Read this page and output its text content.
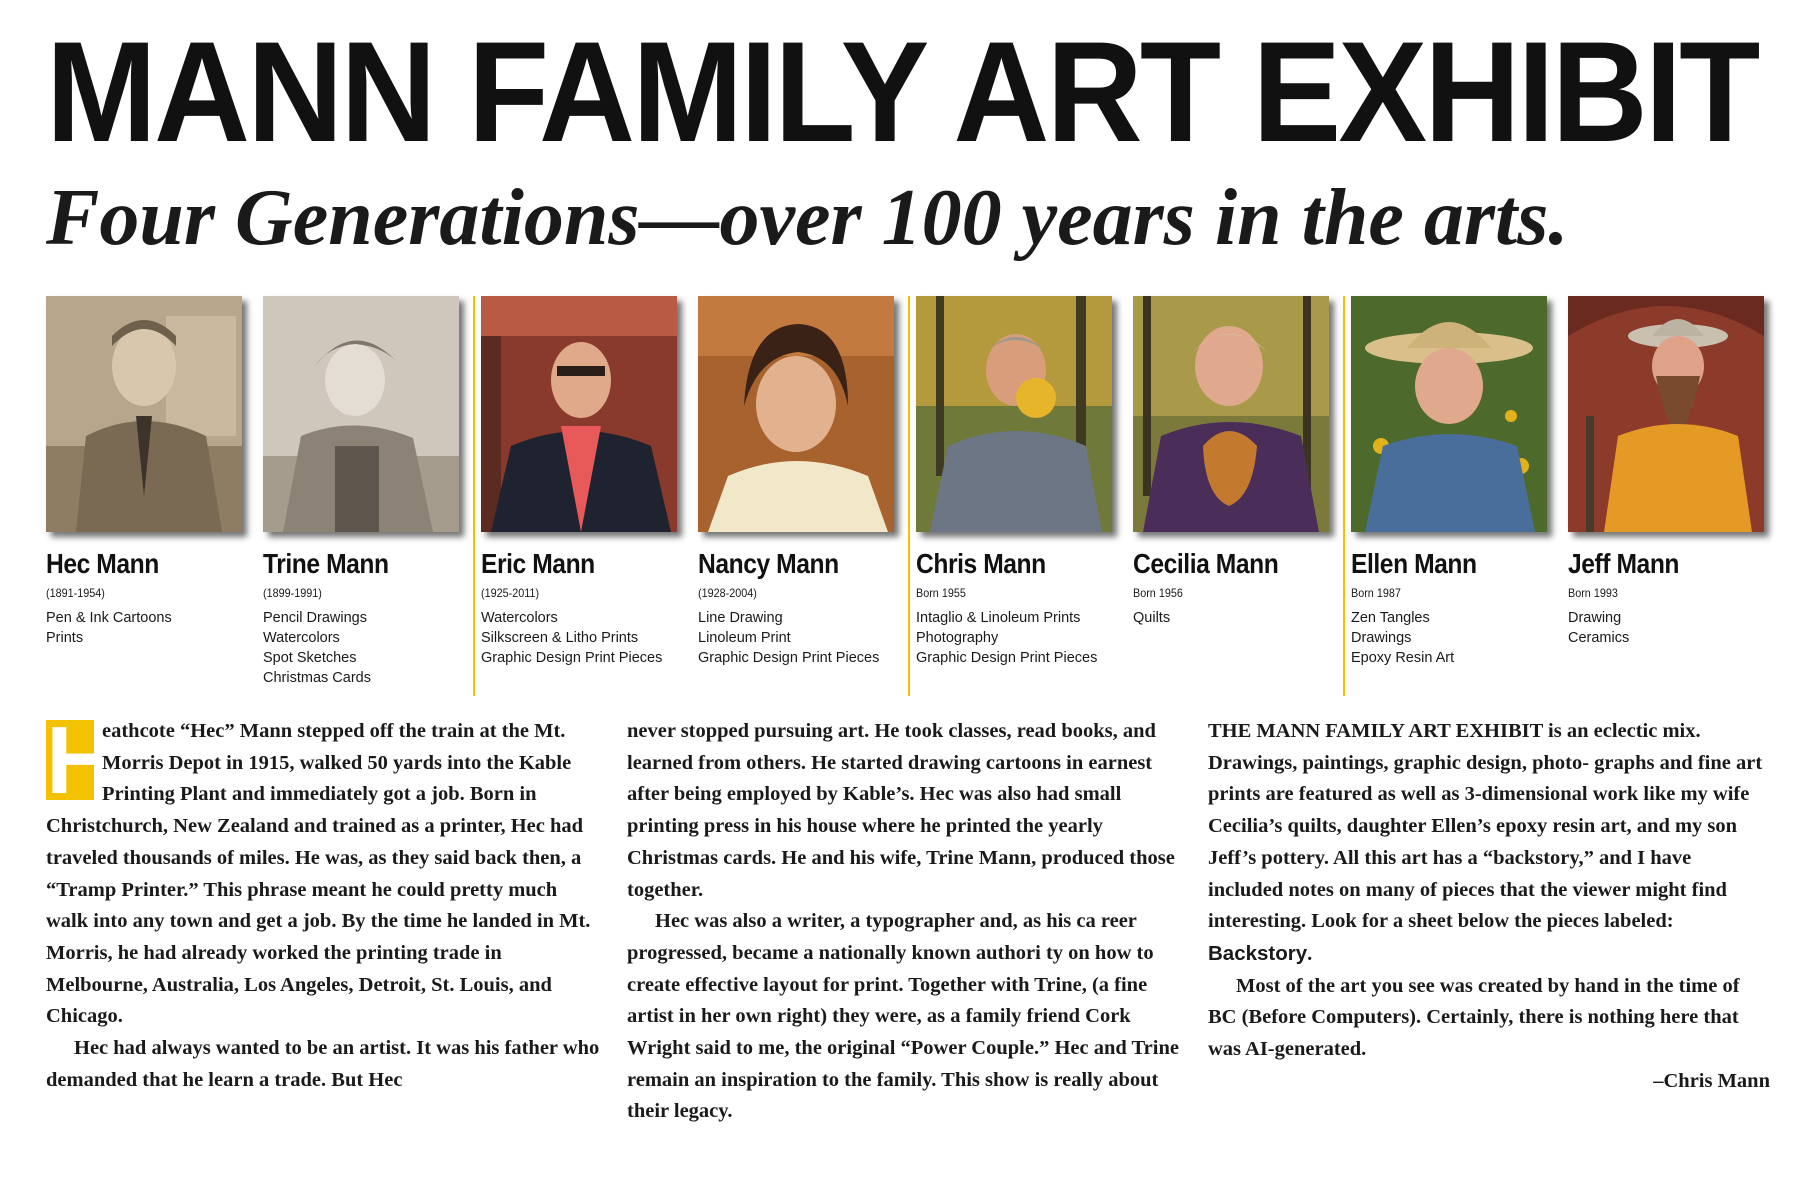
MANN FAMILY ART EXHIBIT
Four Generations—over 100 years in the arts.
Hec Mann
(1891-1954)
Pen & Ink Cartoons
Prints
Trine Mann
(1899-1991)
Pencil Drawings
Watercolors
Spot Sketches
Christmas Cards
Eric Mann
(1925-2011)
Watercolors
Silkscreen & Litho Prints
Graphic Design Print Pieces
Nancy Mann
(1928-2004)
Line Drawing
Linoleum Print
Graphic Design Print Pieces
Chris Mann
Born 1955
Intaglio & Linoleum Prints
Photography
Graphic Design Print Pieces
Cecilia Mann
Born 1956
Quilts
Ellen Mann
Born 1987
Zen Tangles
Drawings
Epoxy Resin Art
Jeff Mann
Born 1993
Drawing
Ceramics

H
eathcote “Hec” Mann stepped off the train at the Mt. Morris Depot in 1915, walked 50 yards into the Kable Printing Plant and immediately got a job. Born in Christchurch, New Zealand and trained as a printer, Hec had traveled thousands of miles. He was, as they said back then, a “Tramp Printer.” This phrase meant he could pretty much walk into any town and get a job. By the time he landed in Mt. Morris, he had already worked the printing trade in Melbourne, Australia, Los Angeles, Detroit, St. Louis, and Chicago.

Hec had always wanted to be an artist. It was his father who demanded that he learn a trade. But Hec

never stopped pursuing art. He took classes, read books, and learned from others. He started drawing cartoons in earnest after being employed by Kable’s. Hec was also had small printing press in his house where he printed the yearly Christmas cards. He and his wife, Trine Mann, produced those together.

Hec was also a writer, a typographer and, as his ca reer progressed, became a nationally known authori ty on how to create effective layout for print. Together with Trine, (a fine artist in her own right) they were, as a family friend Cork Wright said to me, the original “Power Couple.” Hec and Trine remain an inspiration to the family. This show is really about their legacy.

THE MANN FAMILY ART EXHIBIT is an eclectic mix. Drawings, paintings, graphic design, photo- graphs and fine art prints are featured as well as 3-dimensional work like my wife Cecilia’s quilts, daughter Ellen’s epoxy resin art, and my son Jeff’s pottery. All this art has a “backstory,” and I have included notes on many of pieces that the viewer might find interesting. Look for a sheet below the pieces labeled: Backstory.

Most of the art you see was created by hand in the time of BC (Before Computers). Certainly, there is nothing here that was AI-generated.

–Chris Mann
